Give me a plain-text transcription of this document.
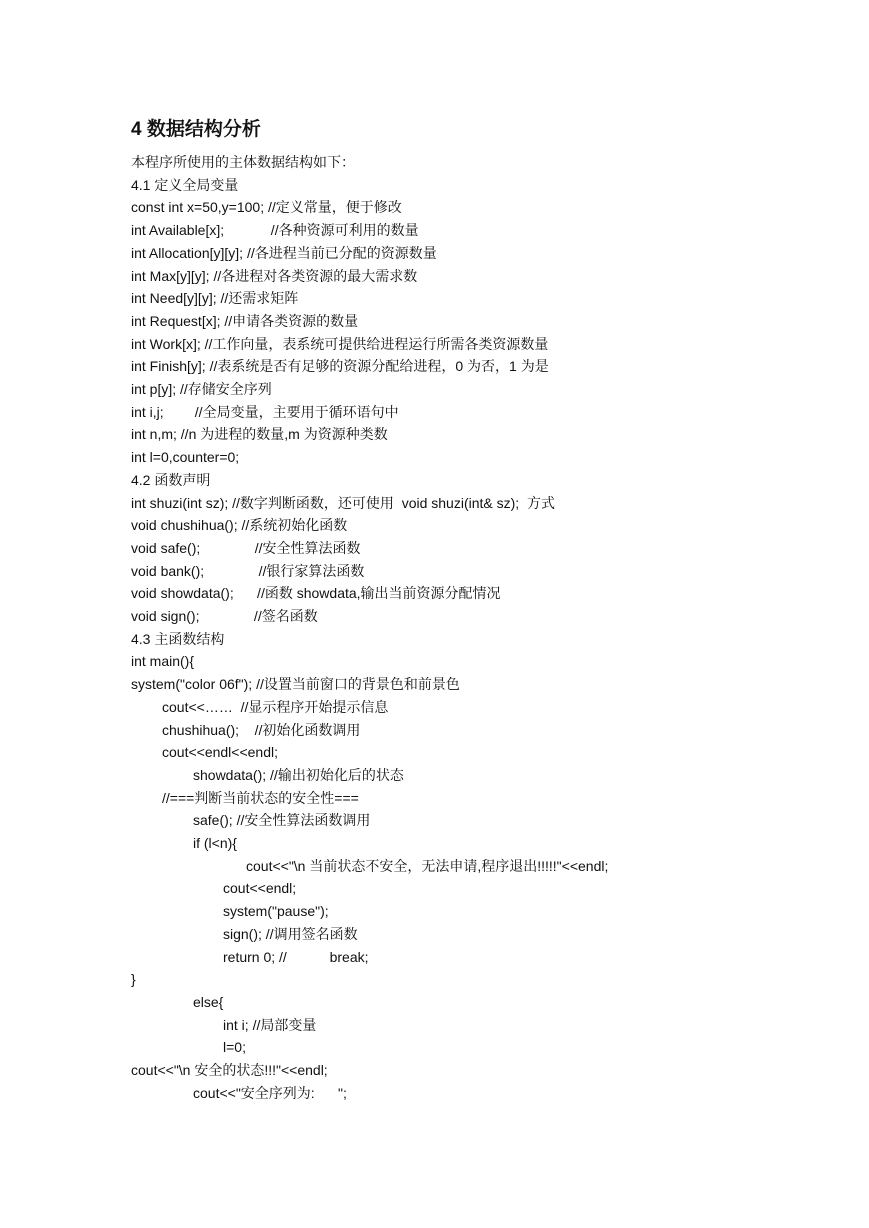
4 数据结构分析
本程序所使用的主体数据结构如下：
4.1 定义全局变量
const int x=50,y=100; //定义常量，便于修改
int Available[x];            //各种资源可利用的数量
int Allocation[y][y]; //各进程当前已分配的资源数量
int Max[y][y]; //各进程对各类资源的最大需求数
int Need[y][y]; //还需求矩阵
int Request[x]; //申请各类资源的数量
int Work[x]; //工作向量，表系统可提供给进程运行所需各类资源数量
int Finish[y]; //表系统是否有足够的资源分配给进程，0 为否，1 为是
int p[y]; //存储安全序列
int i,j;        //全局变量，主要用于循环语句中
int n,m; //n 为进程的数量,m 为资源种类数
int l=0,counter=0;
4.2 函数声明
int shuzi(int sz); //数字判断函数，还可使用  void shuzi(int& sz);  方式
void chushihua(); //系统初始化函数
void safe();              //安全性算法函数
void bank();              //银行家算法函数
void showdata();      //函数 showdata,输出当前资源分配情况
void sign();              //签名函数
4.3 主函数结构
int main(){
system("color 06f"); //设置当前窗口的背景色和前景色
cout<<……  //显示程序开始提示信息
chushihua();    //初始化函数调用
cout<<endl<<endl;
showdata(); //输出初始化后的状态
//===判断当前状态的安全性===
safe(); //安全性算法函数调用
if (l<n){
cout<<"\n 当前状态不安全，无法申请,程序退出!!!!!"<<endl;
cout<<endl;
system("pause");
sign(); //调用签名函数
return 0; //           break;
}
else{
int i; //局部变量
l=0;
cout<<"\n 安全的状态!!!"<<endl;
cout<<"安全序列为:      ";
